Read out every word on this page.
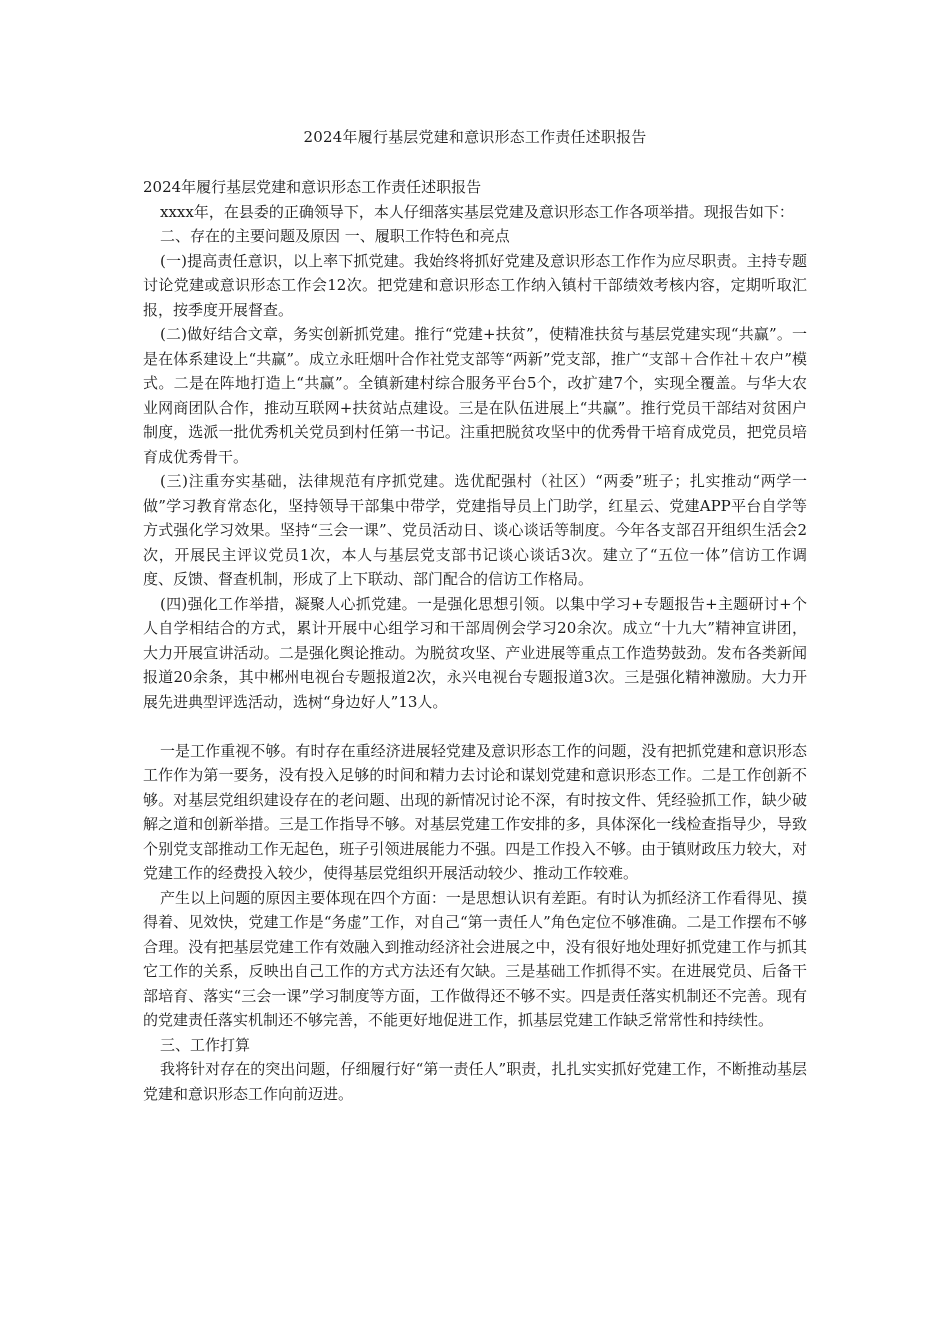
2024年履行基层党建和意识形态工作责任述职报告

2024年履行基层党建和意识形态工作责任述职报告

xxxx年，在县委的正确领导下，本人仔细落实基层党建及意识形态工作各项举措。现报告如下：

二、存在的主要问题及原因 一、履职工作特色和亮点

(一)提高责任意识，以上率下抓党建。我始终将抓好党建及意识形态工作作为应尽职责。主持专题讨论党建或意识形态工作会12次。把党建和意识形态工作纳入镇村干部绩效考核内容，定期听取汇报，按季度开展督查。

(二)做好结合文章，务实创新抓党建。推行“党建+扶贫”，使精准扶贫与基层党建实现“共赢”。一是在体系建设上“共赢”。成立永旺烟叶合作社党支部等“两新”党支部，推广“支部＋合作社＋农户”模式。二是在阵地打造上“共赢”。全镇新建村综合服务平台5个，改扩建7个，实现全覆盖。与华大农业网商团队合作，推动互联网+扶贫站点建设。三是在队伍进展上“共赢”。推行党员干部结对贫困户制度，选派一批优秀机关党员到村任第一书记。注重把脱贫攻坚中的优秀骨干培育成党员，把党员培育成优秀骨干。

(三)注重夯实基础，法律规范有序抓党建。选优配强村（社区）“两委”班子；扎实推动“两学一做”学习教育常态化，坚持领导干部集中带学，党建指导员上门助学，红星云、党建APP平台自学等方式强化学习效果。坚持“三会一课”、党员活动日、谈心谈话等制度。今年各支部召开组织生活会2次，开展民主评议党员1次，本人与基层党支部书记谈心谈话3次。建立了“五位一体”信访工作调度、反馈、督查机制，形成了上下联动、部门配合的信访工作格局。

(四)强化工作举措，凝聚人心抓党建。一是强化思想引领。以集中学习+专题报告+主题研讨+个人自学相结合的方式，累计开展中心组学习和干部周例会学习20余次。成立“十九大”精神宣讲团，大力开展宣讲活动。二是强化舆论推动。为脱贫攻坚、产业进展等重点工作造势鼓劲。发布各类新闻报道20余条，其中郴州电视台专题报道2次，永兴电视台专题报道3次。三是强化精神激励。大力开展先进典型评选活动，选树“身边好人”13人。

一是工作重视不够。有时存在重经济进展轻党建及意识形态工作的问题，没有把抓党建和意识形态工作作为第一要务，没有投入足够的时间和精力去讨论和谋划党建和意识形态工作。二是工作创新不够。对基层党组织建设存在的老问题、出现的新情况讨论不深，有时按文件、凭经验抓工作，缺少破解之道和创新举措。三是工作指导不够。对基层党建工作安排的多，具体深化一线检查指导少，导致个别党支部推动工作无起色，班子引领进展能力不强。四是工作投入不够。由于镇财政压力较大，对党建工作的经费投入较少，使得基层党组织开展活动较少、推动工作较难。

产生以上问题的原因主要体现在四个方面：一是思想认识有差距。有时认为抓经济工作看得见、摸得着、见效快，党建工作是“务虚”工作，对自己“第一责任人”角色定位不够准确。二是工作摆布不够合理。没有把基层党建工作有效融入到推动经济社会进展之中，没有很好地处理好抓党建工作与抓其它工作的关系，反映出自己工作的方式方法还有欠缺。三是基础工作抓得不实。在进展党员、后备干部培育、落实“三会一课”学习制度等方面，工作做得还不够不实。四是责任落实机制还不完善。现有的党建责任落实机制还不够完善，不能更好地促进工作，抓基层党建工作缺乏常常性和持续性。

三、工作打算

我将针对存在的突出问题，仔细履行好“第一责任人”职责，扎扎实实抓好党建工作，不断推动基层党建和意识形态工作向前迈进。
